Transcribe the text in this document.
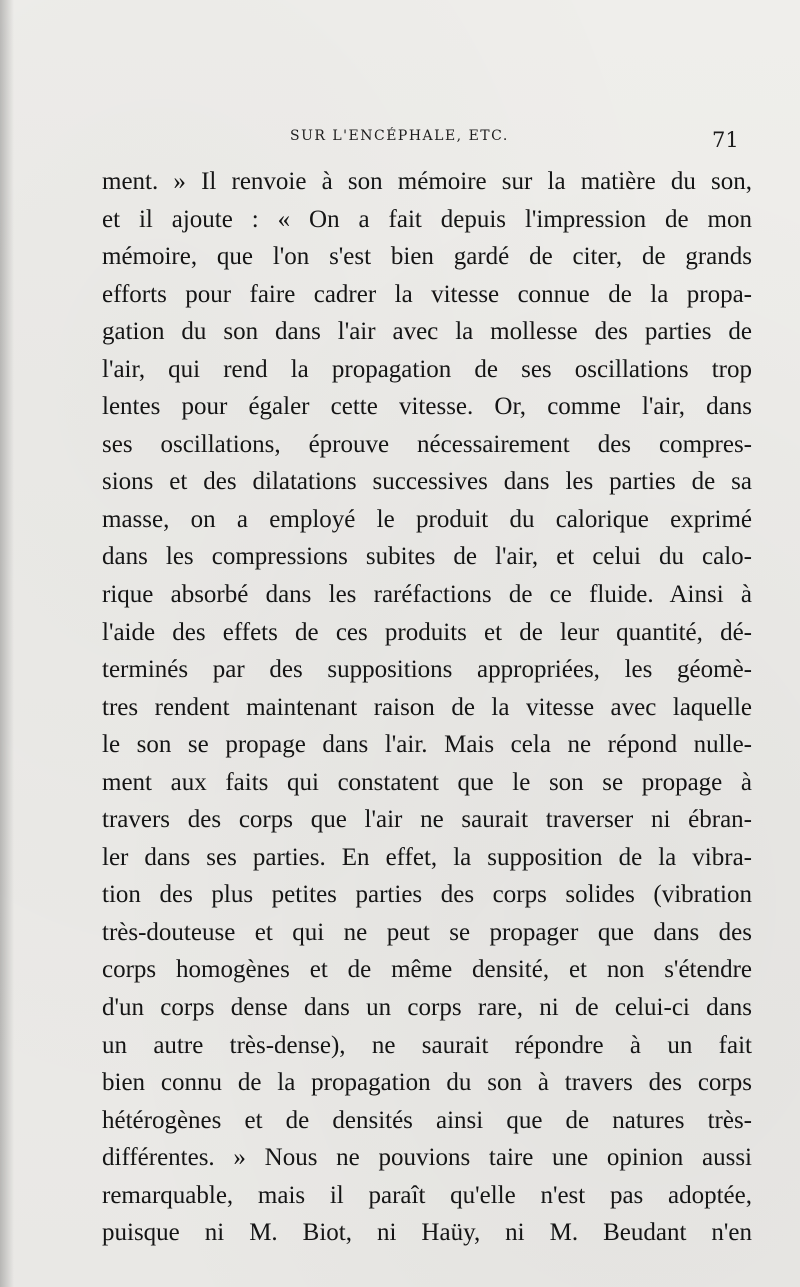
SUR L'ENCÉPHALE, ETC.	71
ment. » Il renvoie à son mémoire sur la matière du son,
et il ajoute : « On a fait depuis l'impression de mon
mémoire, que l'on s'est bien gardé de citer, de grands
efforts pour faire cadrer la vitesse connue de la propa-
gation du son dans l'air avec la mollesse des parties de
l'air, qui rend la propagation de ses oscillations trop
lentes pour égaler cette vitesse. Or, comme l'air, dans
ses oscillations, éprouve nécessairement des compres-
sions et des dilatations successives dans les parties de sa
masse, on a employé le produit du calorique exprimé
dans les compressions subites de l'air, et celui du calo-
rique absorbé dans les raréfactions de ce fluide. Ainsi à
l'aide des effets de ces produits et de leur quantité, dé-
terminés par des suppositions appropriées, les géomè-
tres rendent maintenant raison de la vitesse avec laquelle
le son se propage dans l'air. Mais cela ne répond nulle-
ment aux faits qui constatent que le son se propage à
travers des corps que l'air ne saurait traverser ni ébran-
ler dans ses parties. En effet, la supposition de la vibra-
tion des plus petites parties des corps solides (vibration
très-douteuse et qui ne peut se propager que dans des
corps homogènes et de même densité, et non s'étendre
d'un corps dense dans un corps rare, ni de celui-ci dans
un autre très-dense), ne saurait répondre à un fait
bien connu de la propagation du son à travers des corps
hétérogènes et de densités ainsi que de natures très-
différentes. » Nous ne pouvions taire une opinion aussi
remarquable, mais il paraît qu'elle n'est pas adoptée,
puisque ni M. Biot, ni Haüy, ni M. Beudant n'en
